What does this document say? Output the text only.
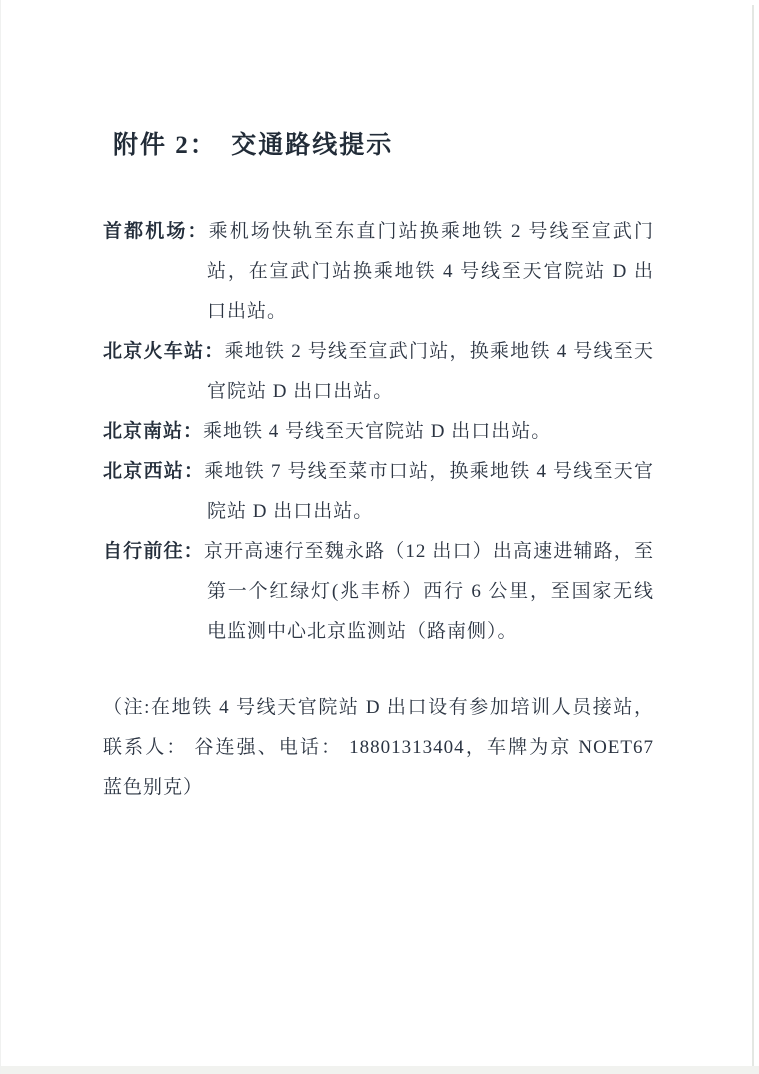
附件 2：　交通路线提示

首都机场：乘机场快轨至东直门站换乘地铁 2 号线至宣武门站，在宣武门站换乘地铁 4 号线至天官院站 D 出口出站。

北京火车站：乘地铁 2 号线至宣武门站，换乘地铁 4 号线至天官院站 D 出口出站。

北京南站：乘地铁 4 号线至天官院站 D 出口出站。

北京西站：乘地铁 7 号线至菜市口站，换乘地铁 4 号线至天官院站 D 出口出站。

自行前往：京开高速行至魏永路（12 出口）出高速进辅路，至第一个红绿灯(兆丰桥）西行 6 公里，至国家无线电监测中心北京监测站（路南侧）。

（注:在地铁 4 号线天官院站 D 出口设有参加培训人员接站，联系人： 谷连强、电话： 18801313404，车牌为京 NOET67 蓝色别克）
